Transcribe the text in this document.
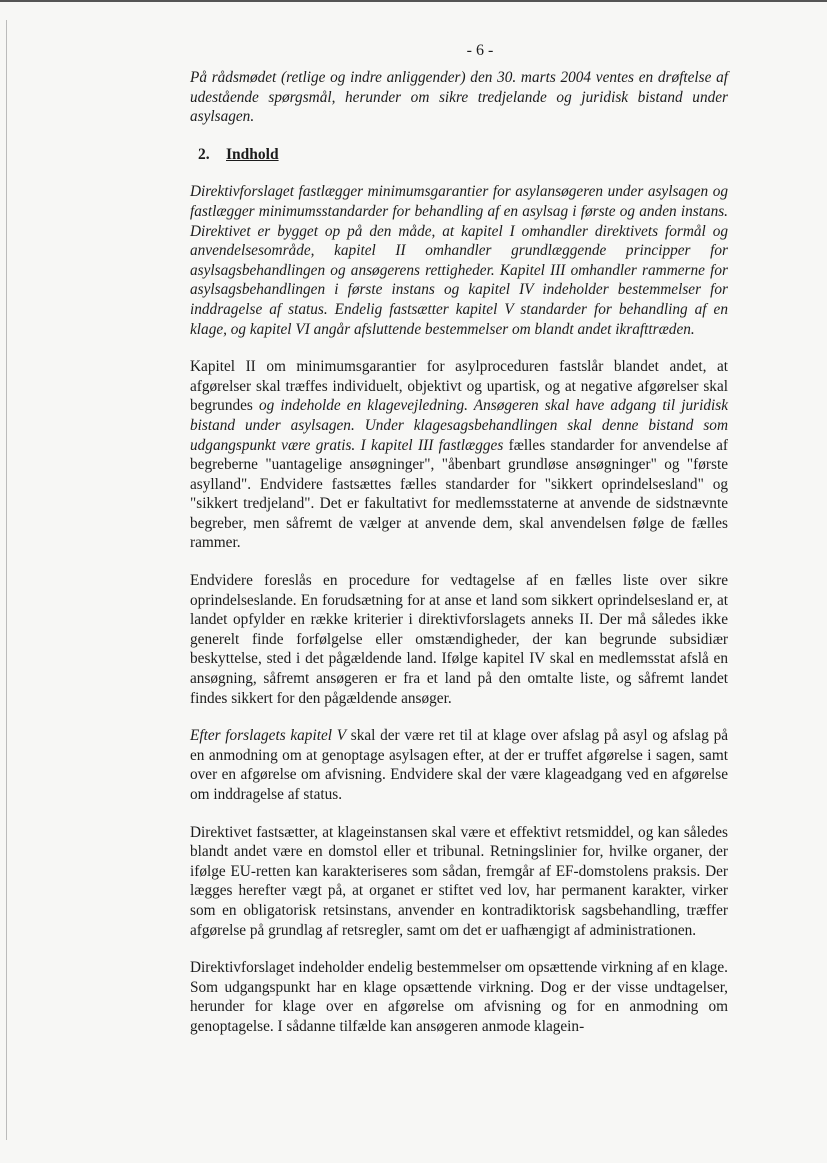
- 6 -

På rådsmødet (retlige og indre anliggender) den 30. marts 2004 ventes en drøftelse af udestående spørgsmål, herunder om sikre tredjelande og juridisk bistand under asylsagen.

2. Indhold

Direktivforslaget fastlægger minimumsgarantier for asylansøgeren under asylsagen og fastlægger minimumsstandarder for behandling af en asylsag i første og anden instans. Direktivet er bygget op på den måde, at kapitel I omhandler direktivets formål og anvendelsesområde, kapitel II omhandler grundlæggende principper for asylsagsbehandlingen og ansøgerens rettigheder. Kapitel III omhandler rammerne for asylsagsbehandlingen i første instans og kapitel IV indeholder bestemmelser for inddragelse af status. Endelig fastsætter kapitel V standarder for behandling af en klage, og kapitel VI angår afsluttende bestemmelser om blandt andet ikrafttræden.

Kapitel II om minimumsgarantier for asylproceduren fastslår blandet andet, at afgørelser skal træffes individuelt, objektivt og upartisk, og at negative afgørelser skal begrundes og indeholde en klagevejledning. Ansøgeren skal have adgang til juridisk bistand under asylsagen. Under klagesagsbehandlingen skal denne bistand som udgangspunkt være gratis. I kapitel III fastlægges fælles standarder for anvendelse af begreberne "uantagelige ansøgninger", "åbenbart grundløse ansøgninger" og "første asylland". Endvidere fastsættes fælles standarder for "sikkert oprindelsesland" og "sikkert tredjeland". Det er fakultativt for medlemsstaterne at anvende de sidstnævnte begreber, men såfremt de vælger at anvende dem, skal anvendelsen følge de fælles rammer.

Endvidere foreslås en procedure for vedtagelse af en fælles liste over sikre oprindelseslande. En forudsætning for at anse et land som sikkert oprindelsesland er, at landet opfylder en række kriterier i direktivforslagets anneks II. Der må således ikke generelt finde forfølgelse eller omstændigheder, der kan begrunde subsidiær beskyttelse, sted i det pågældende land. Ifølge kapitel IV skal en medlemsstat afslå en ansøgning, såfremt ansøgeren er fra et land på den omtalte liste, og såfremt landet findes sikkert for den pågældende ansøger.

Efter forslagets kapitel V skal der være ret til at klage over afslag på asyl og afslag på en anmodning om at genoptage asylsagen efter, at der er truffet afgørelse i sagen, samt over en afgørelse om afvisning. Endvidere skal der være klageadgang ved en afgørelse om inddragelse af status.

Direktivet fastsætter, at klageinstansen skal være et effektivt retsmiddel, og kan således blandt andet være en domstol eller et tribunal. Retningslinier for, hvilke organer, der ifølge EU-retten kan karakteriseres som sådan, fremgår af EF-domstolens praksis. Der lægges herefter vægt på, at organet er stiftet ved lov, har permanent karakter, virker som en obligatorisk retsinstans, anvender en kontradiktorisk sagsbehandling, træffer afgørelse på grundlag af retsregler, samt om det er uafhængigt af administrationen.

Direktivforslaget indeholder endelig bestemmelser om opsættende virkning af en klage. Som udgangspunkt har en klage opsættende virkning. Dog er der visse undtagelser, herunder for klage over en afgørelse om afvisning og for en anmodning om genoptagelse. I sådanne tilfælde kan ansøgeren anmode klagein-
